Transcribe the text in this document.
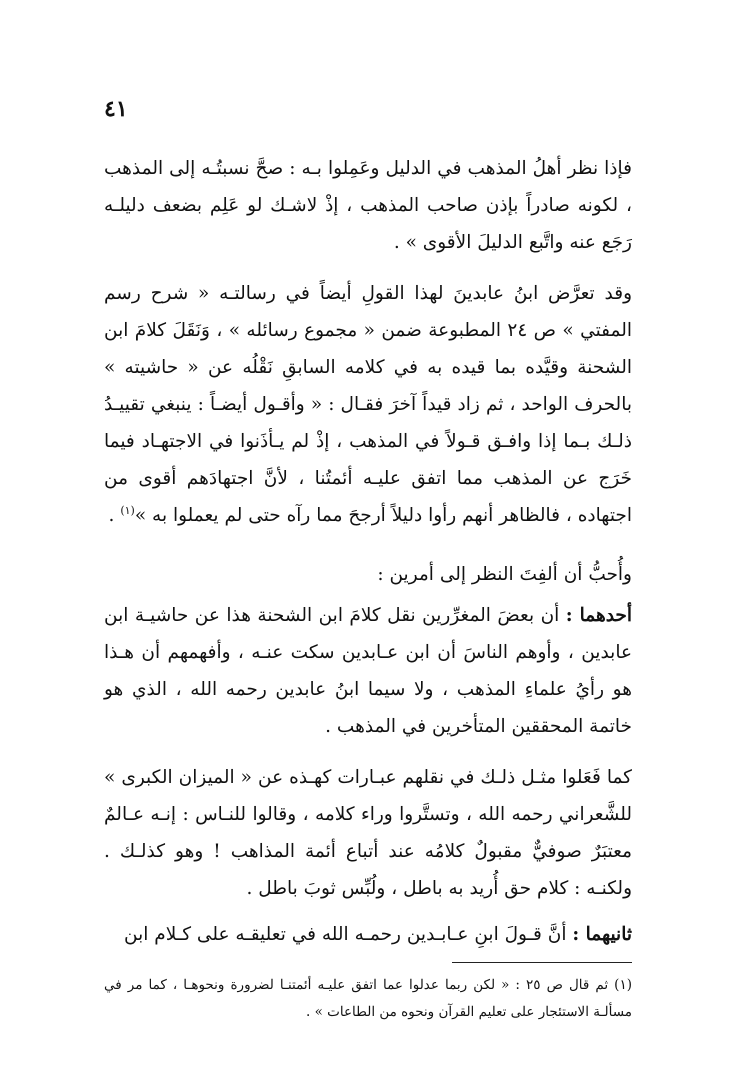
٤١

فإذا نظر أهلُ المذهب في الدليل وعَمِلوا بـه : صحَّ نسبتُـه إلى المذهب ، لكونه صادراً بإذن صاحب المذهب ، إذْ لاشـك لو عَلِم بضعف دليلـه رَجَع عنه واتَّبع الدليلَ الأقوى » .

وقد تعرَّض ابنُ عابدينَ لهذا القولِ أيضاً في رسالتـه « شرح رسم المفتي » ص ٢٤ المطبوعة ضمن « مجموع رسائله » ، وَنَقَلَ كلامَ ابن الشحنة وقيَّده بما قيده به في كلامه السابقِ نَقْلُه عن « حاشيته » بالحرف الواحد ، ثم زاد قيداً آخرَ فقـال : « وأقـول أيضـاً : ينبغي تقييـدُ ذلـك بـما إذا وافـق قـولاً في المذهب ، إذْ لم يـأذَنوا في الاجتهـاد فيما خَرَج عن المذهب مما اتفق عليـه أئمتُنا ، لأنَّ اجتهادَهم أقوى من اجتهاده ، فالظاهر أنهم رأوا دليلاً أرجحَ مما رآه حتى لم يعملوا به »$^{(١)}$ .

وأُحبُّ أن ألفِتَ النظر إلى أمرين :

أحدهما : أن بعضَ المغرِّرين نقل كلامَ ابن الشحنة هذا عن حاشيـة ابن عابدين ، وأوهم الناسَ أن ابن عـابدين سكت عنـه ، وأفهمهم أن هـذا هو رأيُ علماءِ المذهب ، ولا سيما ابنُ عابدين رحمه الله ، الذي هو خاتمة المحققين المتأخرين في المذهب .

كما فَعَلوا مثـل ذلـك في نقلهم عبـارات كهـذه عن « الميزان الكبرى » للشَّعراني رحمه الله ، وتستَّروا وراء كلامه ، وقالوا للنـاس : إنـه عـالمٌ معتبَرٌ صوفيٌّ مقبولٌ كلامُه عند أتباع أئمة المذاهب ! وهو كذلـك . ولكنـه : كلام حق أُريد به باطل ، ولُبِّس ثوبَ باطل .

ثانيهما : أنَّ قـولَ ابنِ عـابـدين رحمـه الله في تعليقـه على كـلام ابن

(١) ثم قال ص ٢٥ : « لكن ربما عدلوا عما اتفق عليـه أئمتنـا لضرورة ونحوهـا ، كما مر في مسألـة الاستئجار على تعليم القرآن ونحوه من الطاعات » .
